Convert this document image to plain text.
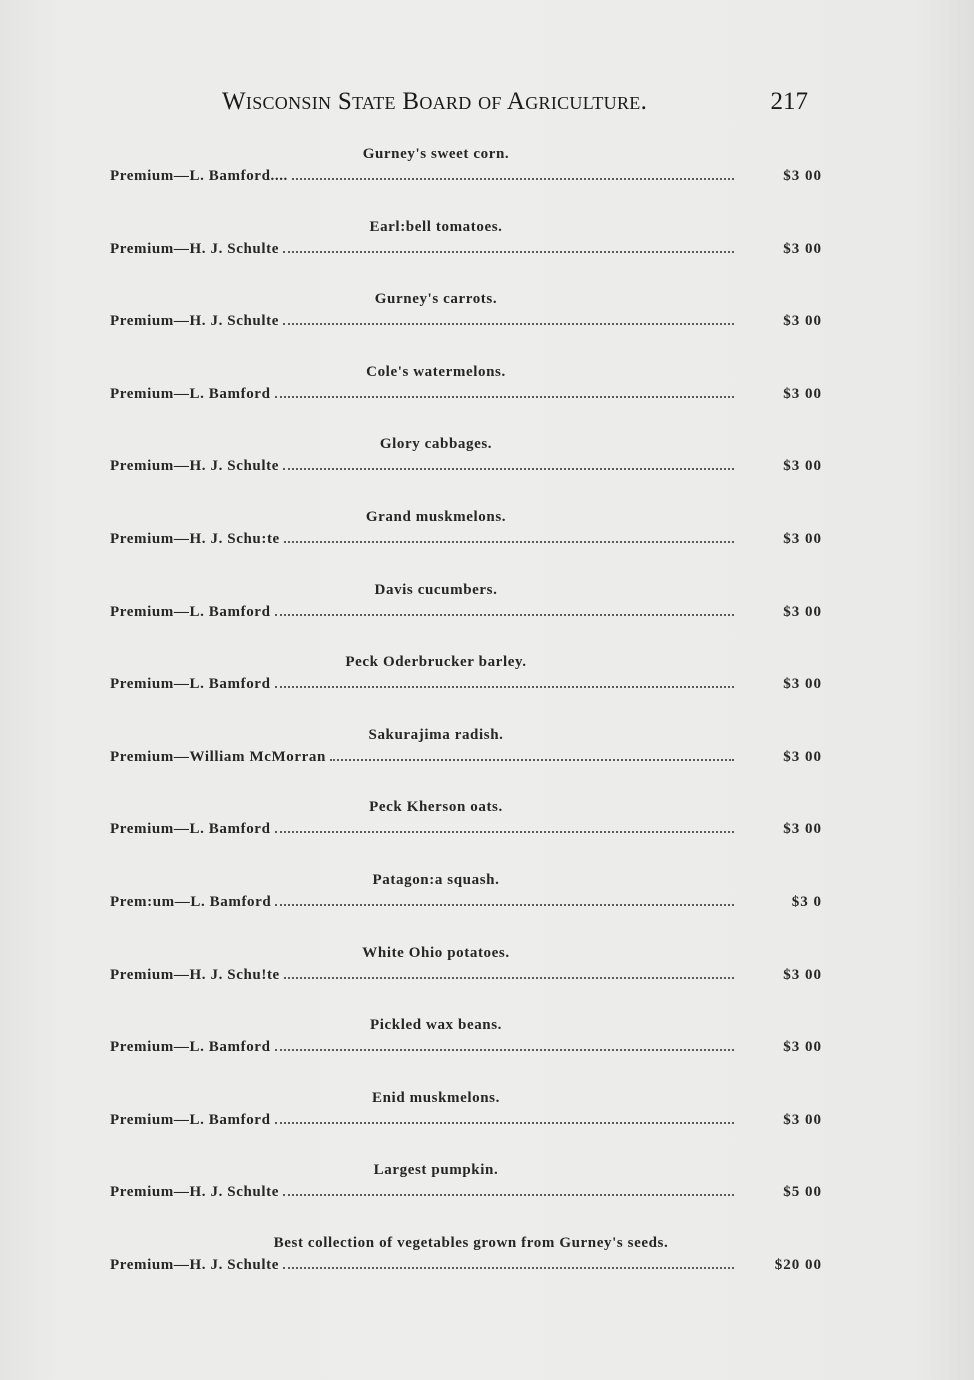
Wisconsin State Board of Agriculture.	217
Gurney's sweet corn.
Premium—L. Bamford....	$3 00
Earl:bell tomatoes.
Premium—H. J. Schulte	$3 00
Gurney's carrots.
Premium—H. J. Schulte	$3 00
Cole's watermelons.
Premium—L. Bamford	$3 00
Glory cabbages.
Premium—H. J. Schulte	$3 00
Grand muskmelons.
Premium—H. J. Schu:te	$3 00
Davis cucumbers.
Premium—L. Bamford	$3 00
Peck Oderbrucker barley.
Premium—L. Bamford	$3 00
Sakurajima radish.
Premium—William McMorran	$3 00
Peck Kherson oats.
Premium—L. Bamford	$3 00
Patagon:a squash.
Prem:um—L. Bamford	$3 0
White Ohio potatoes.
Premium—H. J. Schu!te	$3 00
Pickled wax beans.
Premium—L. Bamford	$3 00
Enid muskmelons.
Premium—L. Bamford	$3 00
Largest pumpkin.
Premium—H. J. Schulte	$5 00
Best collection of vegetables grown from Gurney's seeds.
Premium—H. J. Schulte	$20 00
